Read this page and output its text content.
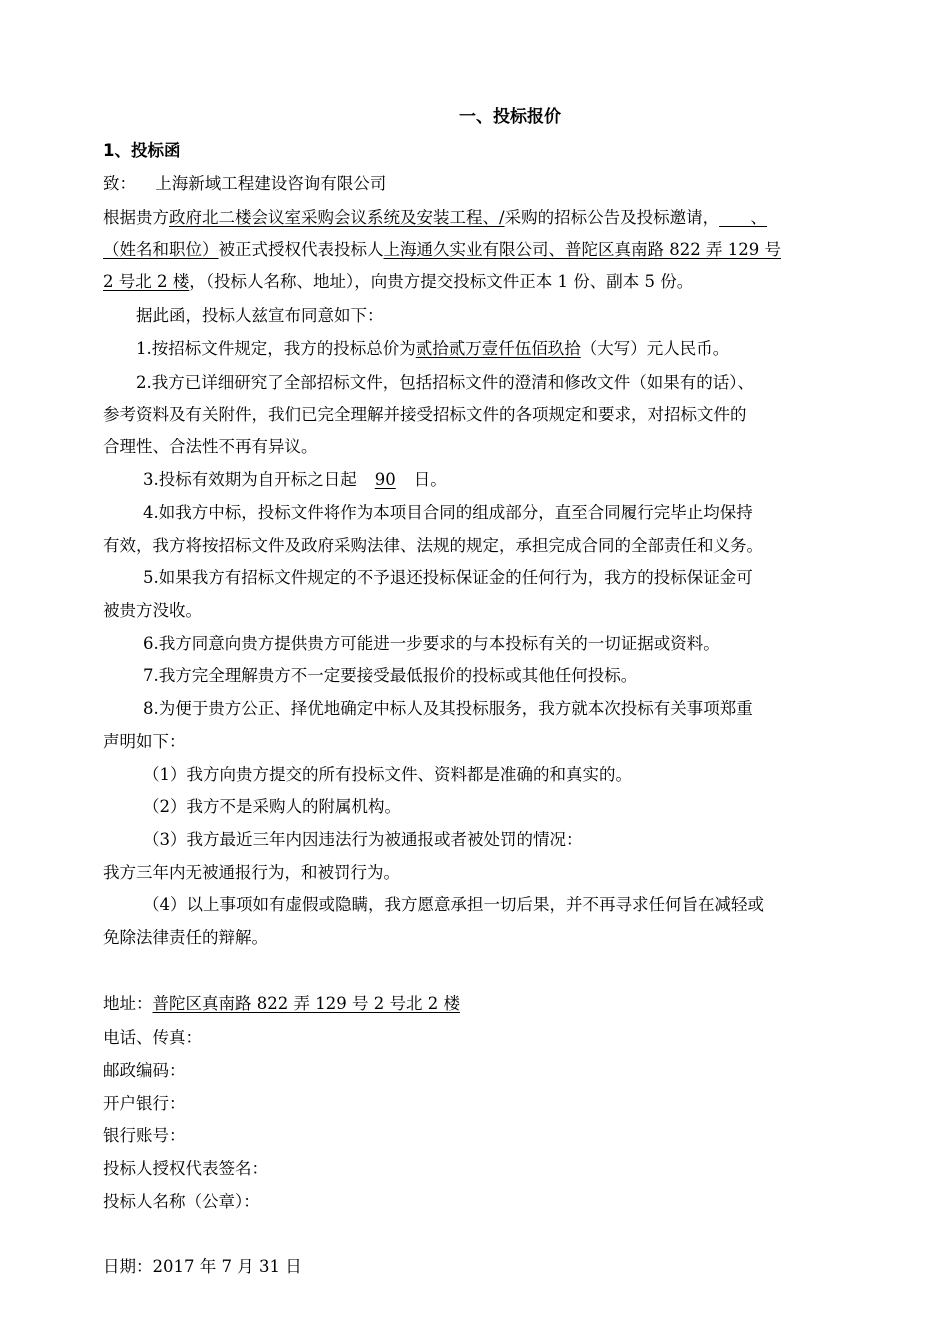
一、投标报价
1、投标函
致： 上海新域工程建设咨询有限公司
根据贵方政府北二楼会议室采购会议系统及安装工程、/采购的招标公告及投标邀请，      、
（姓名和职位）被正式授权代表投标人上海通久实业有限公司、普陀区真南路 822 弄 129 号
2 号北 2 楼，（投标人名称、地址），向贵方提交投标文件正本 1 份、副本 5 份。
据此函，投标人兹宣布同意如下：
1.按招标文件规定，我方的投标总价为贰拾贰万壹仟伍佰玖拾（大写）元人民币。
2.我方已详细研究了全部招标文件，包括招标文件的澄清和修改文件（如果有的话）、
参考资料及有关附件，我们已完全理解并接受招标文件的各项规定和要求，对招标文件的
合理性、合法性不再有异议。
3.投标有效期为自开标之日起 90 日。
4.如我方中标，投标文件将作为本项目合同的组成部分，直至合同履行完毕止均保持
有效，我方将按招标文件及政府采购法律、法规的规定，承担完成合同的全部责任和义务。
5.如果我方有招标文件规定的不予退还投标保证金的任何行为，我方的投标保证金可
被贵方没收。
6.我方同意向贵方提供贵方可能进一步要求的与本投标有关的一切证据或资料。
7.我方完全理解贵方不一定要接受最低报价的投标或其他任何投标。
8.为便于贵方公正、择优地确定中标人及其投标服务，我方就本次投标有关事项郑重
声明如下：
（1）我方向贵方提交的所有投标文件、资料都是准确的和真实的。
（2）我方不是采购人的附属机构。
（3）我方最近三年内因违法行为被通报或者被处罚的情况：
我方三年内无被通报行为，和被罚行为。
（4）以上事项如有虚假或隐瞒，我方愿意承担一切后果，并不再寻求任何旨在减轻或
免除法律责任的辩解。
地址：普陀区真南路 822 弄 129 号 2 号北 2 楼
电话、传真：
邮政编码：
开户银行：
银行账号：
投标人授权代表签名：
投标人名称（公章）：
日期：2017 年 7 月 31 日
